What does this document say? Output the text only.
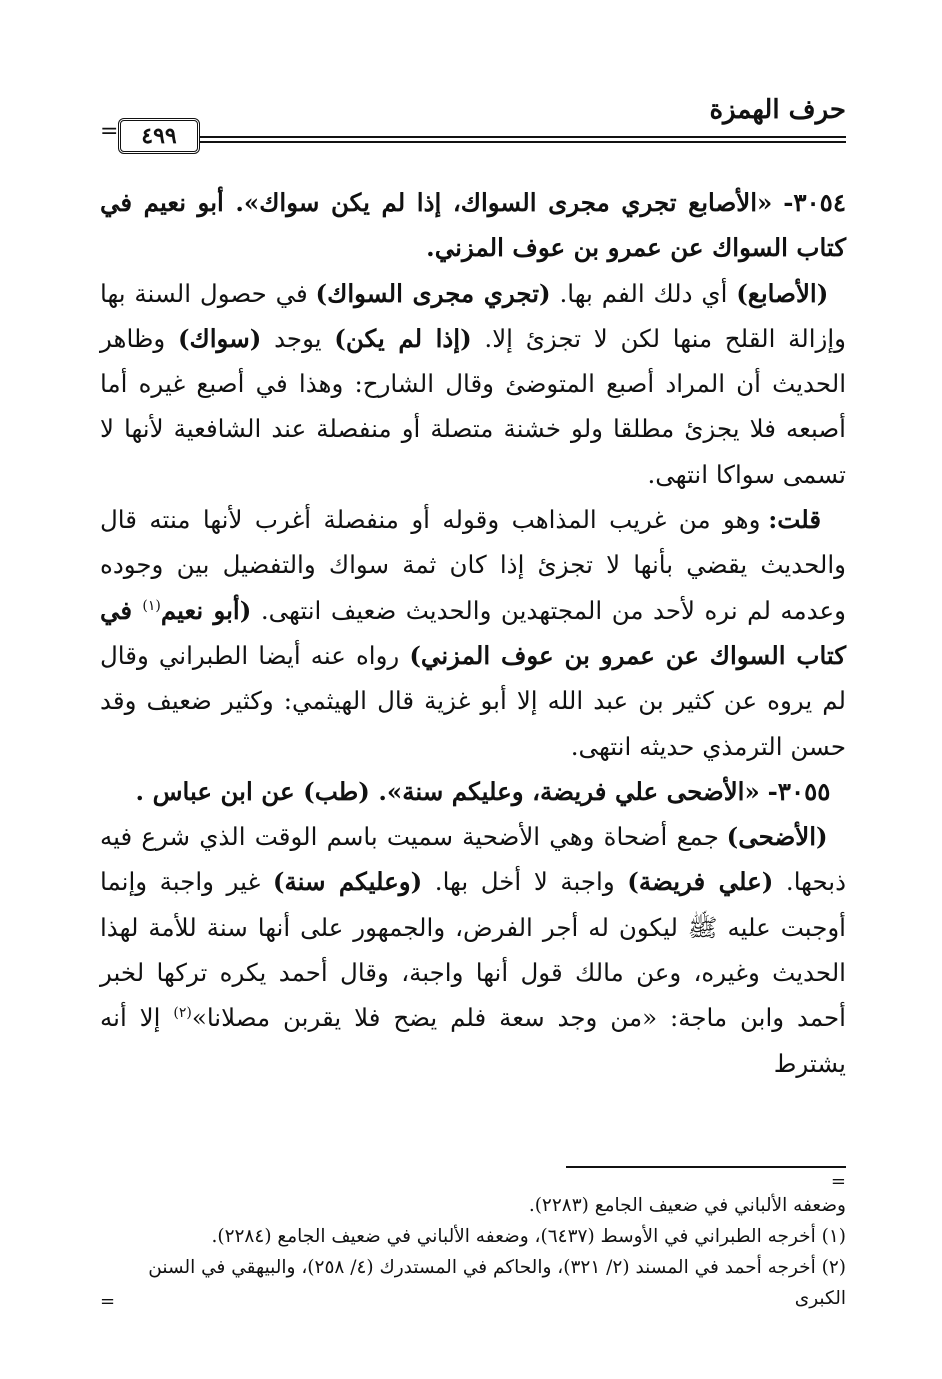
حرف الهمزة
٤٩٩
=

٣٠٥٤- «الأصابع تجري مجرى السواك، إذا لم يكن سواك». أبو نعيم في كتاب السواك عن عمرو بن عوف المزني.

(الأصابع) أي دلك الفم بها. (تجري مجرى السواك) في حصول السنة بها وإزالة القلح منها لكن لا تجزئ إلا. (إذا لم يكن) يوجد (سواك) وظاهر الحديث أن المراد أصبع المتوضئ وقال الشارح: وهذا في أصبع غيره أما أصبعه فلا يجزئ مطلقا ولو خشنة متصلة أو منفصلة عند الشافعية لأنها لا تسمى سواكا انتهى.

قلت: وهو من غريب المذاهب وقوله أو منفصلة أغرب لأنها منته قال والحديث يقضي بأنها لا تجزئ إذا كان ثمة سواك والتفضيل بين وجوده وعدمه لم نره لأحد من المجتهدين والحديث ضعيف انتهى. (أبو نعيم$^{(١)}$ في كتاب السواك عن عمرو بن عوف المزني) رواه عنه أيضا الطبراني وقال لم يروه عن كثير بن عبد الله إلا أبو غزية قال الهيثمي: وكثير ضعيف وقد حسن الترمذي حديثه انتهى.

٣٠٥٥- «الأضحى علي فريضة، وعليكم سنة». (طب) عن ابن عباس .

(الأضحى) جمع أضحاة وهي الأضحية سميت باسم الوقت الذي شرع فيه ذبحها. (علي فريضة) واجبة لا أخل بها. (وعليكم سنة) غير واجبة وإنما أوجبت عليه ﷺ ليكون له أجر الفرض، والجمهور على أنها سنة للأمة لهذا الحديث وغيره، وعن مالك قول أنها واجبة، وقال أحمد يكره تركها لخبر أحمد وابن ماجة: «من وجد سعة فلم يضح فلا يقربن مصلانا»$^{(٢)}$ إلا أنه يشترط

=

وضعفه الألباني في ضعيف الجامع (٢٢٨٣).

(١) أخرجه الطبراني في الأوسط (٦٤٣٧)، وضعفه الألباني في ضعيف الجامع (٢٢٨٤).

(٢) أخرجه أحمد في المسند (٢/ ٣٢١)، والحاكم في المستدرك (٤/ ٢٥٨)، والبيهقي في السنن الكبرى

=
